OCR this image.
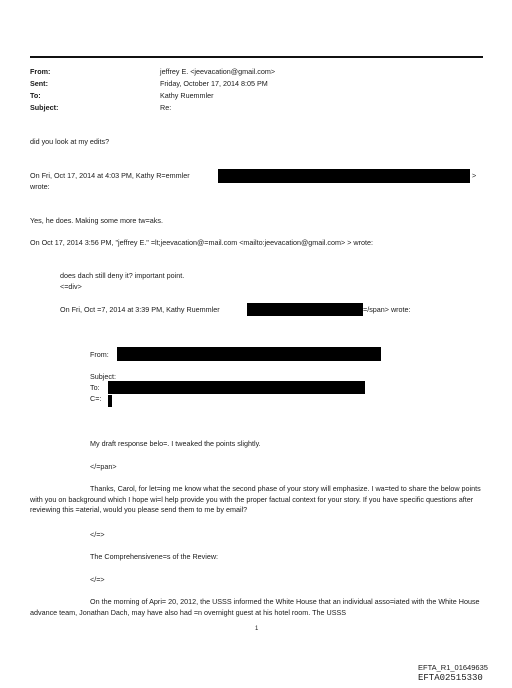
From:
Sent:
To:
Subject:
jeffrey E. <jeevacation@gmail.com>
Friday, October 17, 2014 8:05 PM
Kathy Ruemmler
Re:
did you look at my edits?
On Fri, Oct 17, 2014 at 4:03 PM, Kathy R=emmler	>
wrote:
Yes, he does. Making some more tw=aks.
On Oct 17, 2014 3:56 PM, "jeffrey E." =lt;jeevacation@=mail.com <mailto:jeevacation@gmail.com> > wrote:
does dach still deny it? important point.
<=div>
On Fri, Oct =7, 2014 at 3:39 PM, Kathy Ruemmler	=/span> wrote:
From:
Subject:
To:
C=:
My draft response belo=. I tweaked the points slightly.
</=pan>
Thanks, Carol, for let=ing me know what the second phase of your story will emphasize. I wa=ted to share the below points with you on background which I hope wi=l help provide you with the proper factual context for your story. If you have specific questions after reviewing this =aterial, would you please send them to me by email?
</=>
The Comprehensivene=s of the Review:
</=>
On the morning of Apri= 20, 2012, the USSS informed the White House that an individual asso=iated with the White House advance team, Jonathan Dach, may have also had =n overnight guest at his hotel room. The USSS
1
EFTA_R1_01649635
EFTA02515330
